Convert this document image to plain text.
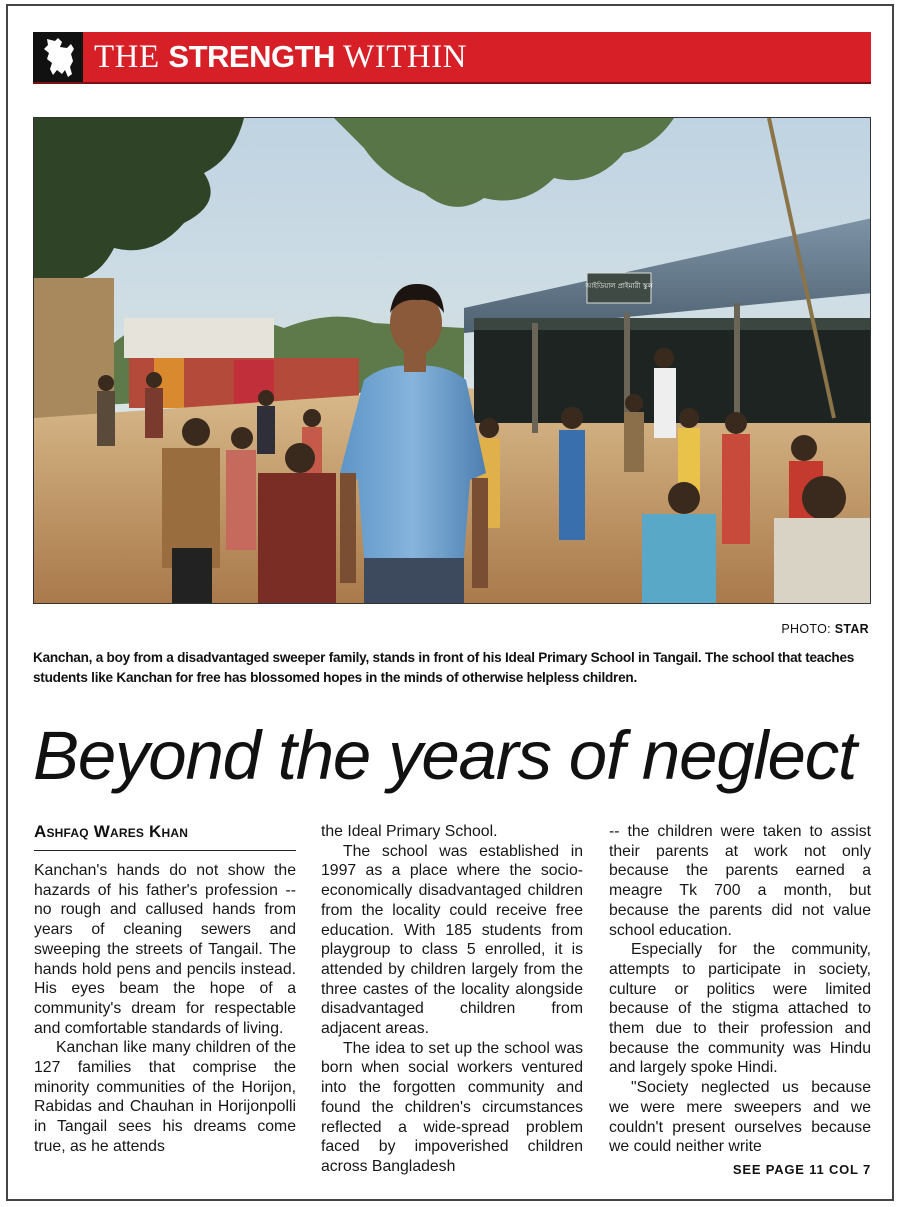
THE STRENGTH WITHIN
আইডিয়াল প্রাইমারী স্কুল
PHOTO: STAR
Kanchan, a boy from a disadvantaged sweeper family, stands in front of his Ideal Primary School in Tangail. The school that teaches students like Kanchan for free has blossomed hopes in the minds of otherwise helpless children.
Beyond the years of neglect
Ashfaq Wares Khan

Kanchan's hands do not show the hazards of his father's profession -- no rough and callused hands from years of cleaning sewers and sweeping the streets of Tangail. The hands hold pens and pencils instead. His eyes beam the hope of a community's dream for respectable and comfortable standards of living.

Kanchan like many children of the 127 families that comprise the minority communities of the Horijon, Rabidas and Chauhan in Horijonpolli in Tangail sees his dreams come true, as he attends

the Ideal Primary School.

The school was established in 1997 as a place where the socio-economically disadvantaged children from the locality could receive free education. With 185 students from playgroup to class 5 enrolled, it is attended by children largely from the three castes of the locality alongside disadvantaged children from adjacent areas.

The idea to set up the school was born when social workers ventured into the forgotten community and found the children's circumstances reflected a wide-spread problem faced by impoverished children across Bangladesh

-- the children were taken to assist their parents at work not only because the parents earned a meagre Tk 700 a month, but because the parents did not value school education.

Especially for the community, attempts to participate in society, culture or politics were limited because of the stigma attached to them due to their profession and because the community was Hindu and largely spoke Hindi.

"Society neglected us because we were mere sweepers and we couldn't present ourselves because we could neither write

SEE PAGE 11 COL 7
